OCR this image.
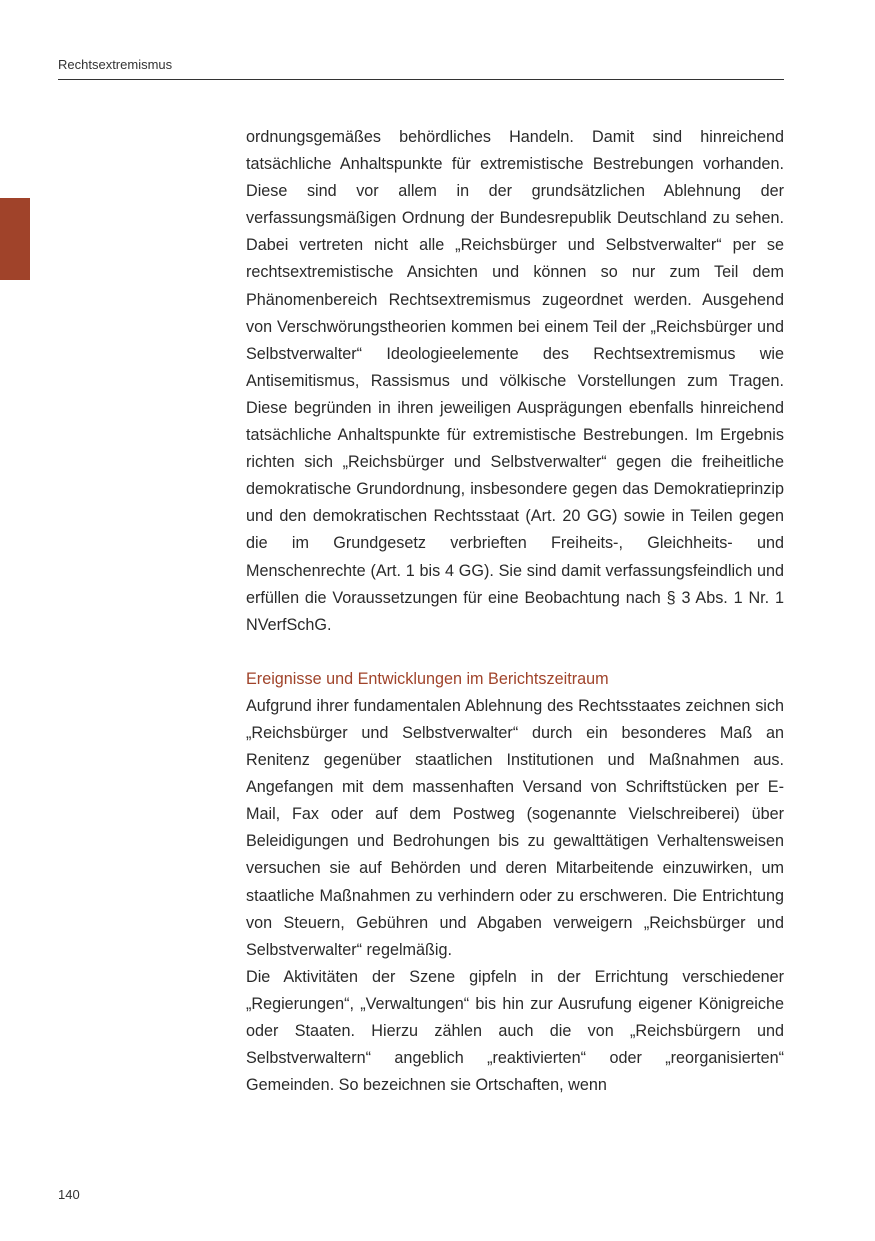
Rechtsextremismus

ordnungsgemäßes behördliches Handeln. Damit sind hinreichend tatsächliche Anhaltspunkte für extremistische Bestrebungen vorhanden. Diese sind vor allem in der grundsätzlichen Ablehnung der verfassungsmäßigen Ordnung der Bundesrepublik Deutschland zu sehen. Dabei vertreten nicht alle „Reichsbürger und Selbstverwalter“ per se rechtsextremistische Ansichten und können so nur zum Teil dem Phänomenbereich Rechtsextremismus zugeordnet werden. Ausgehend von Verschwörungstheorien kommen bei einem Teil der „Reichsbürger und Selbstverwalter“ Ideologieelemente des Rechtsextremismus wie Antisemitismus, Rassismus und völkische Vorstellungen zum Tragen. Diese begründen in ihren jeweiligen Ausprägungen ebenfalls hinreichend tatsächliche Anhaltspunkte für extremistische Bestrebungen. Im Ergebnis richten sich „Reichsbürger und Selbstverwalter“ gegen die freiheitliche demokratische Grundordnung, insbesondere gegen das Demokratieprinzip und den demokratischen Rechtsstaat (Art. 20 GG) sowie in Teilen gegen die im Grundgesetz verbrieften Freiheits-, Gleichheits- und Menschenrechte (Art. 1 bis 4 GG). Sie sind damit verfassungsfeindlich und erfüllen die Voraussetzungen für eine Beobachtung nach § 3 Abs. 1 Nr. 1 NVerfSchG.

Ereignisse und Entwicklungen im Berichtszeitraum

Aufgrund ihrer fundamentalen Ablehnung des Rechtsstaates zeichnen sich „Reichsbürger und Selbstverwalter“ durch ein besonderes Maß an Renitenz gegenüber staatlichen Institutionen und Maßnahmen aus. Angefangen mit dem massenhaften Versand von Schriftstücken per E-Mail, Fax oder auf dem Postweg (sogenannte Vielschreiberei) über Beleidigungen und Bedrohungen bis zu gewalttätigen Verhaltensweisen versuchen sie auf Behörden und deren Mitarbeitende einzuwirken, um staatliche Maßnahmen zu verhindern oder zu erschweren. Die Entrichtung von Steuern, Gebühren und Abgaben verweigern „Reichsbürger und Selbstverwalter“ regelmäßig.

Die Aktivitäten der Szene gipfeln in der Errichtung verschiedener „Regierungen“, „Verwaltungen“ bis hin zur Ausrufung eigener Königreiche oder Staaten. Hierzu zählen auch die von „Reichsbürgern und Selbstverwaltern“ angeblich „reaktivierten“ oder „reorganisierten“ Gemeinden. So bezeichnen sie Ortschaften, wenn

140
